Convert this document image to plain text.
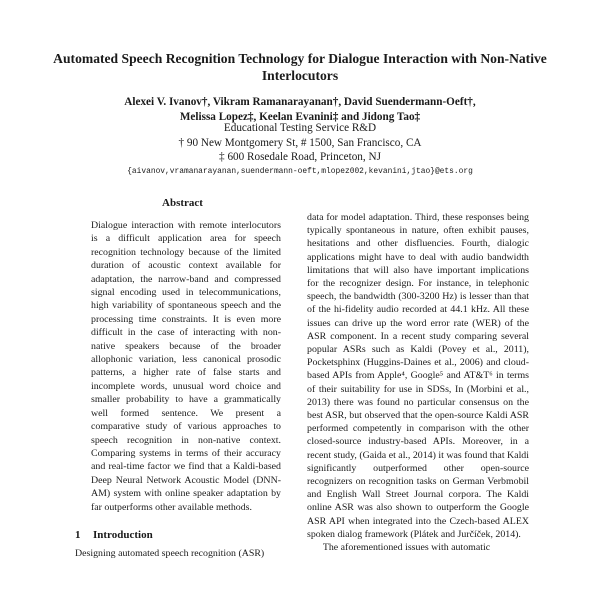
Automated Speech Recognition Technology for Dialogue Interaction with Non-Native Interlocutors
Alexei V. Ivanov†, Vikram Ramanarayanan†, David Suendermann-Oeft†,
Melissa Lopez‡, Keelan Evanini‡ and Jidong Tao‡
Educational Testing Service R&D
† 90 New Montgomery St, # 1500, San Francisco, CA
‡ 600 Rosedale Road, Princeton, NJ
{aivanov,vramanarayanan,suendermann-oeft,mlopez002,kevanini,jtao}@ets.org
Abstract

Dialogue interaction with remote interlocutors is a difficult application area for speech recognition technology because of the limited duration of acoustic context available for adaptation, the narrow-band and compressed signal encoding used in telecommunications, high variability of spontaneous speech and the processing time constraints. It is even more difficult in the case of interacting with non-native speakers because of the broader allophonic variation, less canonical prosodic patterns, a higher rate of false starts and incomplete words, unusual word choice and smaller probability to have a grammatically well formed sentence. We present a comparative study of various approaches to speech recognition in non-native context. Comparing systems in terms of their accuracy and real-time factor we find that a Kaldi-based Deep Neural Network Acoustic Model (DNN-AM) system with online speaker adaptation by far outperforms other available methods.

1 Introduction

Designing automated speech recognition (ASR)

data for model adaptation. Third, these responses being typically spontaneous in nature, often exhibit pauses, hesitations and other disfluencies. Fourth, dialogic applications might have to deal with audio bandwidth limitations that will also have important implications for the recognizer design. For instance, in telephonic speech, the bandwidth (300-3200 Hz) is lesser than that of the hi-fidelity audio recorded at 44.1 kHz. All these issues can drive up the word error rate (WER) of the ASR component. In a recent study comparing several popular ASRs such as Kaldi (Povey et al., 2011), Pocketsphinx (Huggins-Daines et al., 2006) and cloud-based APIs from Apple⁴, Google⁵ and AT&T⁶ in terms of their suitability for use in SDSs, In (Morbini et al., 2013) there was found no particular consensus on the best ASR, but observed that the open-source Kaldi ASR performed competently in comparison with the other closed-source industry-based APIs. Moreover, in a recent study, (Gaida et al., 2014) it was found that Kaldi significantly outperformed other open-source recognizers on recognition tasks on German Verbmobil and English Wall Street Journal corpora. The Kaldi online ASR was also shown to outperform the Google ASR API when integrated into the Czech-based ALEX spoken dialog framework (Plátek and Jurčíček, 2014).

The aforementioned issues with automatic
